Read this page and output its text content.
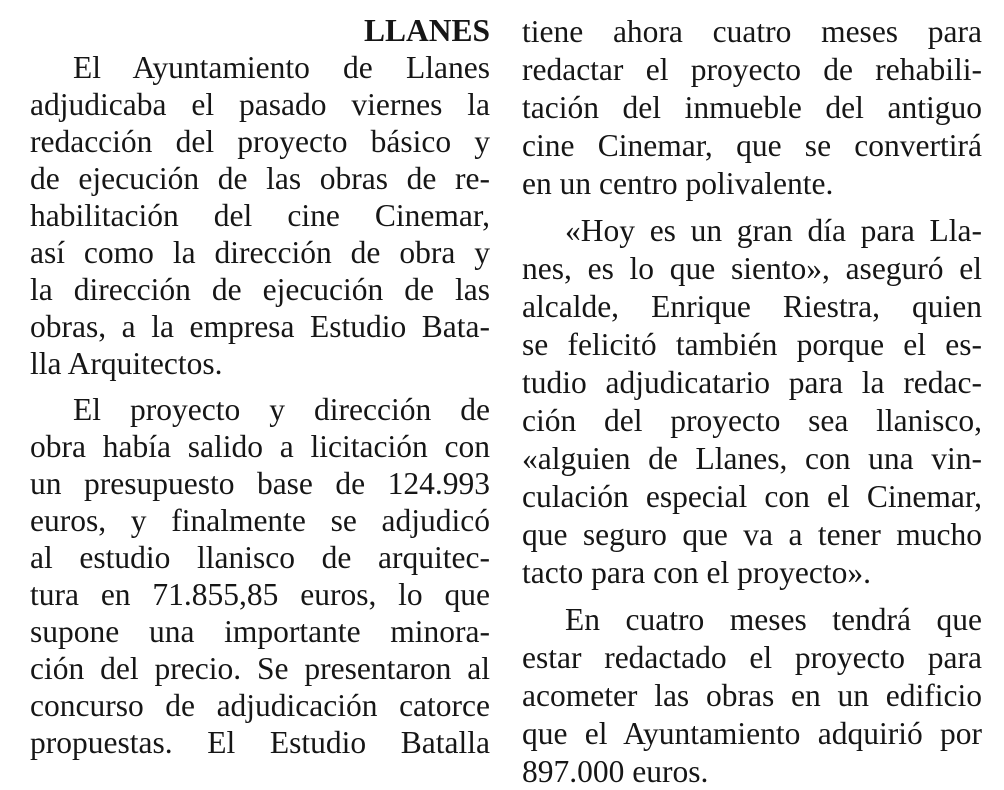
LLANES
El Ayuntamiento de Llanes
adjudicaba el pasado viernes la
redacción del proyecto básico y
de ejecución de las obras de re-
habilitación del cine Cinemar,
así como la dirección de obra y
la dirección de ejecución de las
obras, a la empresa Estudio Bata-
lla Arquitectos.
El proyecto y dirección de
obra había salido a licitación con
un presupuesto base de 124.993
euros, y finalmente se adjudicó
al estudio llanisco de arquitec-
tura en 71.855,85 euros, lo que
supone una importante minora-
ción del precio. Se presentaron al
concurso de adjudicación catorce
propuestas. El Estudio Batalla
tiene ahora cuatro meses para
redactar el proyecto de rehabili-
tación del inmueble del antiguo
cine Cinemar, que se convertirá
en un centro polivalente.
«Hoy es un gran día para Lla-
nes, es lo que siento», aseguró el
alcalde, Enrique Riestra, quien
se felicitó también porque el es-
tudio adjudicatario para la redac-
ción del proyecto sea llanisco,
«alguien de Llanes, con una vin-
culación especial con el Cinemar,
que seguro que va a tener mucho
tacto para con el proyecto».
En cuatro meses tendrá que
estar redactado el proyecto para
acometer las obras en un edificio
que el Ayuntamiento adquirió por
897.000 euros.
